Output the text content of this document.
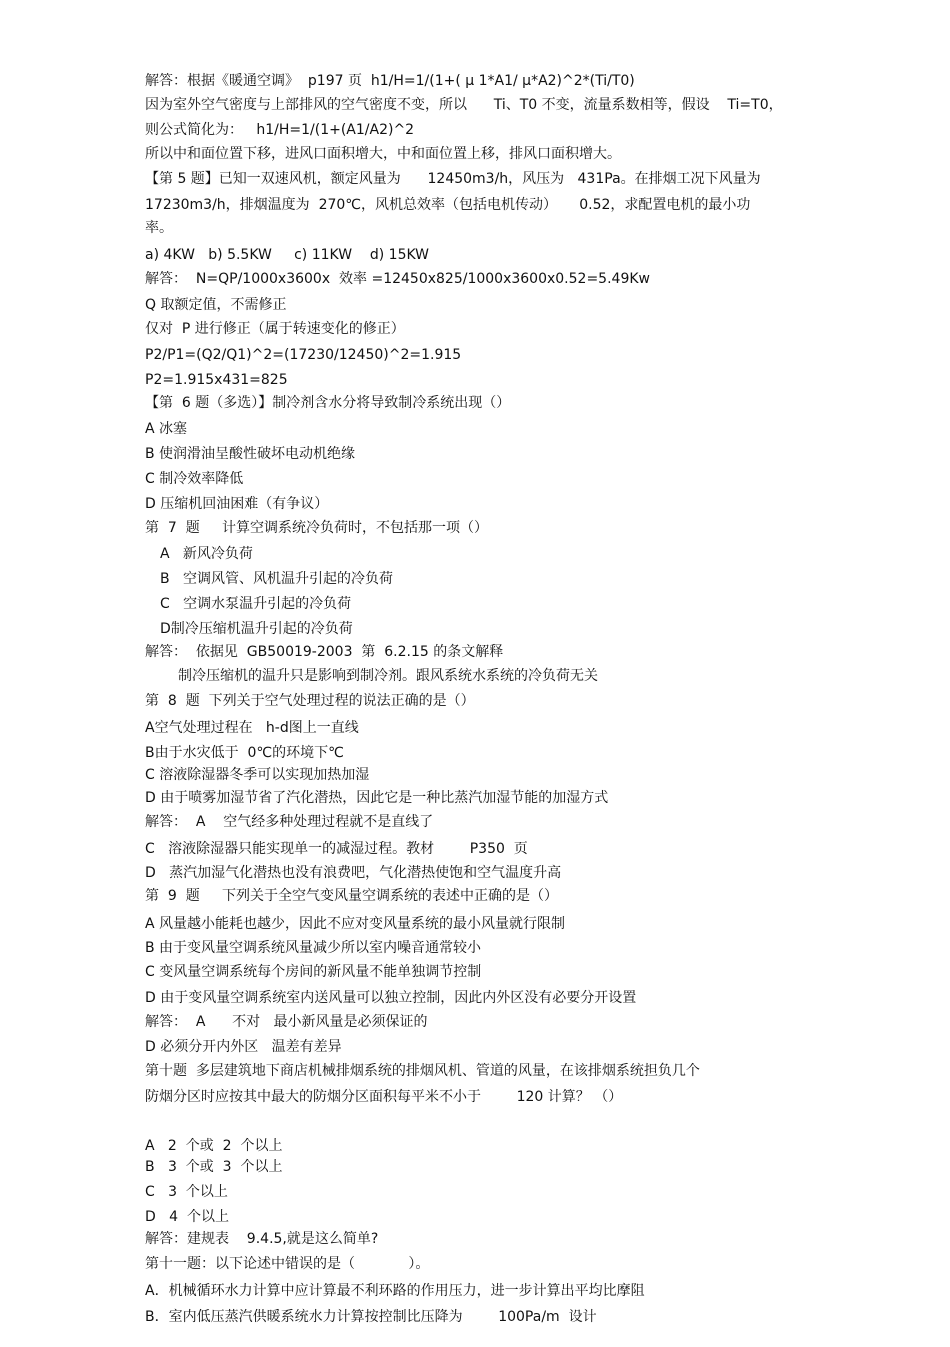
解答：根据《暖通空调》  p197 页  h1/H=1/(1+( μ 1*A1/ μ*A2)^2*(Ti/T0)
因为室外空气密度与上部排风的空气密度不变，所以      Ti、T0 不变，流量系数相等，假设    Ti=T0，
则公式简化为：   h1/H=1/(1+(A1/A2)^2
所以中和面位置下移，进风口面积增大，中和面位置上移，排风口面积增大。
【第 5 题】已知一双速风机，额定风量为      12450m3/h，风压为   431Pa。在排烟工况下风量为
17230m3/h，排烟温度为  270℃，风机总效率（包括电机传动）     0.52，求配置电机的最小功
率。
a) 4KW   b) 5.5KW     c) 11KW    d) 15KW
解答：  N=QP/1000x3600x  效率 =12450x825/1000x3600x0.52=5.49Kw
Q 取额定值，不需修正
仅对  P 进行修正（属于转速变化的修正）
P2/P1=(Q2/Q1)^2=(17230/12450)^2=1.915
P2=1.915x431=825
【第  6 题（多选）】制冷剂含水分将导致制冷系统出现（）
A 冰塞
B 使润滑油呈酸性破坏电动机绝缘
C 制冷效率降低
D 压缩机回油困难（有争议）
第  7  题     计算空调系统冷负荷时，不包括那一项（）
A   新风冷负荷
B   空调风管、风机温升引起的冷负荷
C   空调水泵温升引起的冷负荷
D制冷压缩机温升引起的冷负荷
解答：  依据见  GB50019-2003  第  6.2.15 的条文解释
制冷压缩机的温升只是影响到制冷剂。跟风系统水系统的冷负荷无关
第  8  题  下列关于空气处理过程的说法正确的是（）
A空气处理过程在   h-d图上一直线
B由于水灾低于  0℃的环境下℃
C 溶液除湿器冬季可以实现加热加湿
D 由于喷雾加湿节省了汽化潜热，因此它是一种比蒸汽加湿节能的加湿方式
解答：  A    空气经多种处理过程就不是直线了
C   溶液除湿器只能实现单一的减湿过程。教材        P350  页
D   蒸汽加湿气化潜热也没有浪费吧，气化潜热使饱和空气温度升高
第  9  题     下列关于全空气变风量空调系统的表述中正确的是（）
A 风量越小能耗也越少，因此不应对变风量系统的最小风量就行限制
B 由于变风量空调系统风量减少所以室内噪音通常较小
C 变风量空调系统每个房间的新风量不能单独调节控制
D 由于变风量空调系统室内送风量可以独立控制，因此内外区没有必要分开设置
解答：  A      不对   最小新风量是必须保证的
D 必须分开内外区   温差有差异
第十题  多层建筑地下商店机械排烟系统的排烟风机、管道的风量，在该排烟系统担负几个
防烟分区时应按其中最大的防烟分区面积每平米不小于        120 计算？ （）
A   2  个或  2  个以上
B   3  个或  3  个以上
C   3  个以上
D   4  个以上
解答：建规表    9.4.5,就是这么简单?
第十一题：以下论述中错误的是（            ）。
A．机械循环水力计算中应计算最不利环路的作用压力，进一步计算出平均比摩阻
B．室内低压蒸汽供暖系统水力计算按控制比压降为        100Pa/m  设计
